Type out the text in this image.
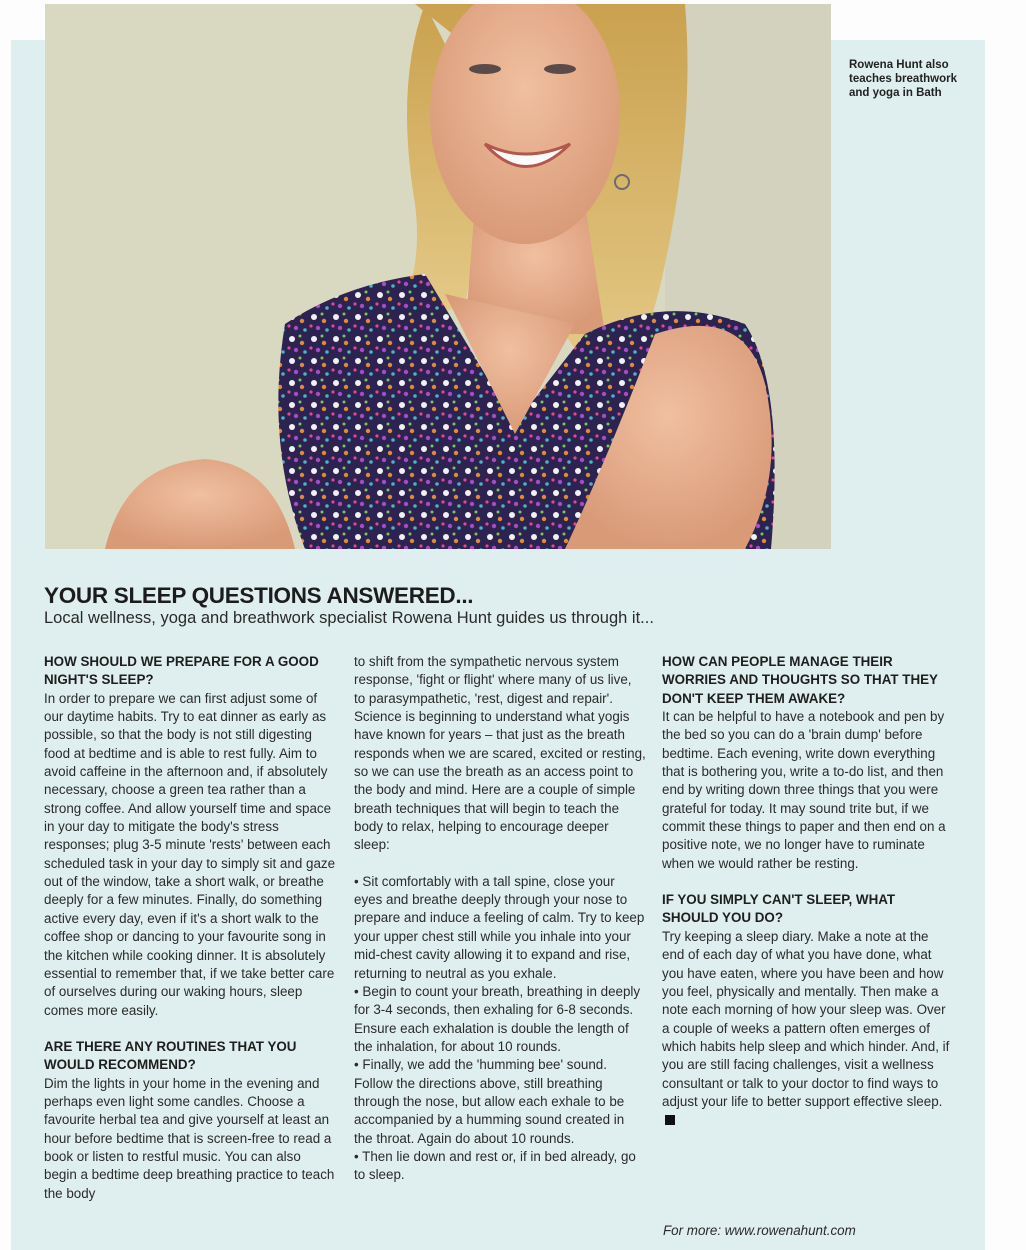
Rowena Hunt also teaches breathwork and yoga in Bath
YOUR SLEEP QUESTIONS ANSWERED...
Local wellness, yoga and breathwork specialist Rowena Hunt guides us through it...

HOW SHOULD WE PREPARE FOR A GOOD NIGHT'S SLEEP?

In order to prepare we can first adjust some of our daytime habits. Try to eat dinner as early as possible, so that the body is not still digesting food at bedtime and is able to rest fully. Aim to avoid caffeine in the afternoon and, if absolutely necessary, choose a green tea rather than a strong coffee. And allow yourself time and space in your day to mitigate the body's stress responses; plug 3-5 minute 'rests' between each scheduled task in your day to simply sit and gaze out of the window, take a short walk, or breathe deeply for a few minutes. Finally, do something active every day, even if it's a short walk to the coffee shop or dancing to your favourite song in the kitchen while cooking dinner. It is absolutely essential to remember that, if we take better care of ourselves during our waking hours, sleep comes more easily.

ARE THERE ANY ROUTINES THAT YOU WOULD RECOMMEND?

Dim the lights in your home in the evening and perhaps even light some candles. Choose a favourite herbal tea and give yourself at least an hour before bedtime that is screen-free to read a book or listen to restful music. You can also begin a bedtime deep breathing practice to teach the body

to shift from the sympathetic nervous system response, 'fight or flight' where many of us live, to parasympathetic, 'rest, digest and repair'. Science is beginning to understand what yogis have known for years – that just as the breath responds when we are scared, excited or resting, so we can use the breath as an access point to the body and mind. Here are a couple of simple breath techniques that will begin to teach the body to relax, helping to encourage deeper sleep:

• Sit comfortably with a tall spine, close your eyes and breathe deeply through your nose to prepare and induce a feeling of calm. Try to keep your upper chest still while you inhale into your mid-chest cavity allowing it to expand and rise, returning to neutral as you exhale.

• Begin to count your breath, breathing in deeply for 3-4 seconds, then exhaling for 6-8 seconds. Ensure each exhalation is double the length of the inhalation, for about 10 rounds.

• Finally, we add the 'humming bee' sound. Follow the directions above, still breathing through the nose, but allow each exhale to be accompanied by a humming sound created in the throat. Again do about 10 rounds.

• Then lie down and rest or, if in bed already, go to sleep.

HOW CAN PEOPLE MANAGE THEIR WORRIES AND THOUGHTS SO THAT THEY DON'T KEEP THEM AWAKE?

It can be helpful to have a notebook and pen by the bed so you can do a 'brain dump' before bedtime. Each evening, write down everything that is bothering you, write a to-do list, and then end by writing down three things that you were grateful for today. It may sound trite but, if we commit these things to paper and then end on a positive note, we no longer have to ruminate when we would rather be resting.

IF YOU SIMPLY CAN'T SLEEP, WHAT SHOULD YOU DO?

Try keeping a sleep diary. Make a note at the end of each day of what you have done, what you have eaten, where you have been and how you feel, physically and mentally. Then make a note each morning of how your sleep was. Over a couple of weeks a pattern often emerges of which habits help sleep and which hinder. And, if you are still facing challenges, visit a wellness consultant or talk to your doctor to find ways to adjust your life to better support effective sleep.

For more: www.rowenahunt.com
